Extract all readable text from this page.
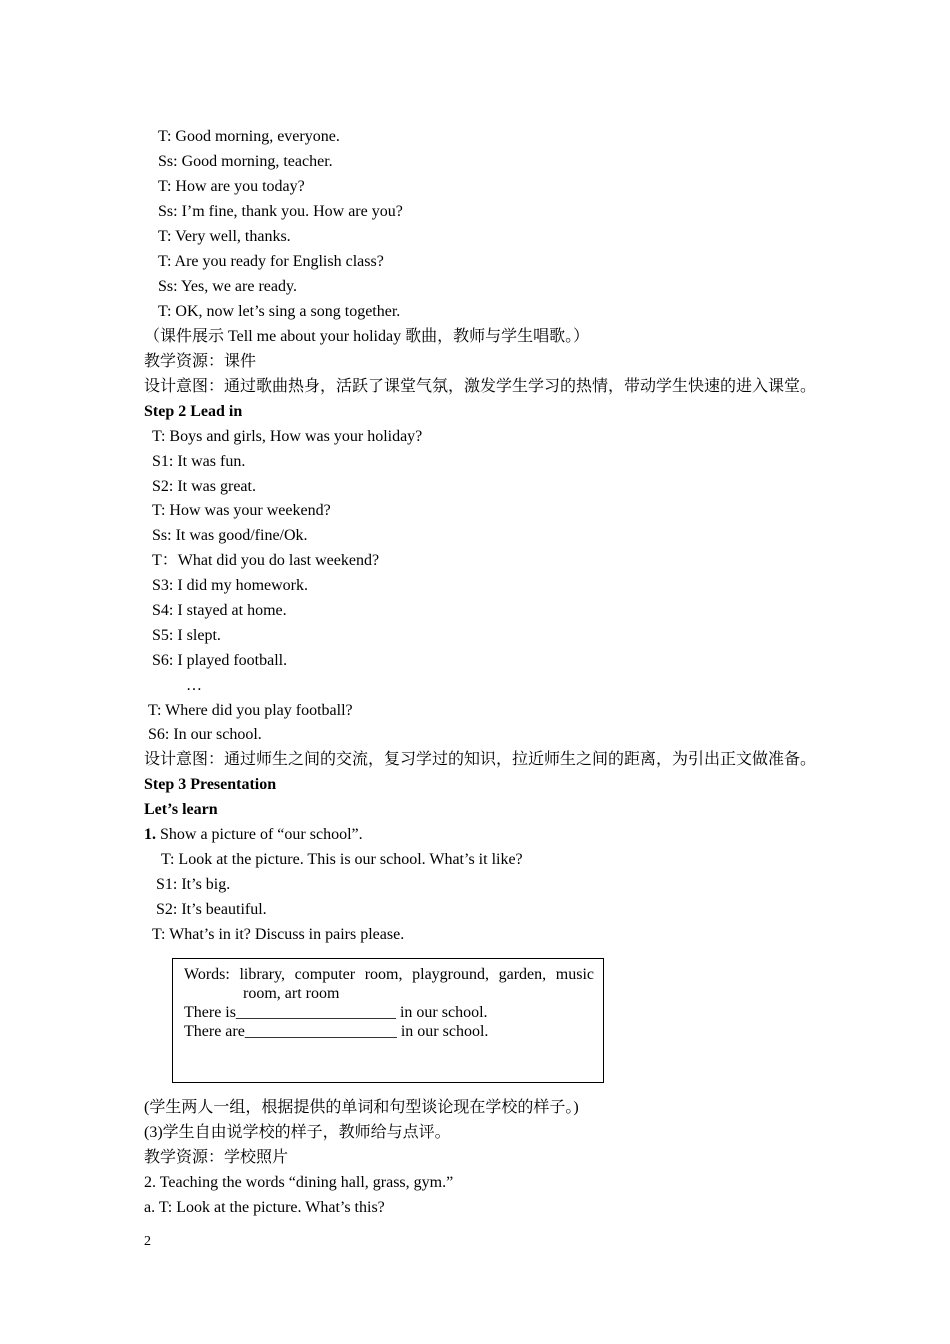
T: Good morning, everyone.
Ss: Good morning, teacher.
T: How are you today?
Ss: I’m fine, thank you. How are you?
T: Very well, thanks.
T: Are you ready for English class?
Ss: Yes, we are ready.
T: OK, now let’s sing a song together.
（课件展示 Tell me about your holiday 歌曲，教师与学生唱歌。）
教学资源：课件
设计意图：通过歌曲热身，活跃了课堂气氛，激发学生学习的热情，带动学生快速的进入课堂。
Step 2 Lead in
T: Boys and girls, How was your holiday?
S1: It was fun.
S2: It was great.
T: How was your weekend?
Ss: It was good/fine/Ok.
T：What did you do last weekend?
S3: I did my homework.
S4: I stayed at home.
S5: I slept.
S6: I played football.
…
T: Where did you play football?
S6: In our school.
设计意图：通过师生之间的交流，复习学过的知识，拉近师生之间的距离，为引出正文做准备。
Step 3 Presentation
Let’s learn
1. Show a picture of “our school”.
T: Look at the picture. This is our school. What’s it like?
S1: It’s big.
S2: It’s beautiful.
T: What’s in it? Discuss in pairs please.
Words: library, computer room, playground, garden, music
room, art room
There is____________________ in our school.
There are___________________ in our school.
(学生两人一组，根据提供的单词和句型谈论现在学校的样子。)
(3)学生自由说学校的样子，教师给与点评。
教学资源：学校照片
2. Teaching the words “dining hall, grass, gym.”
a. T: Look at the picture. What’s this?
2
